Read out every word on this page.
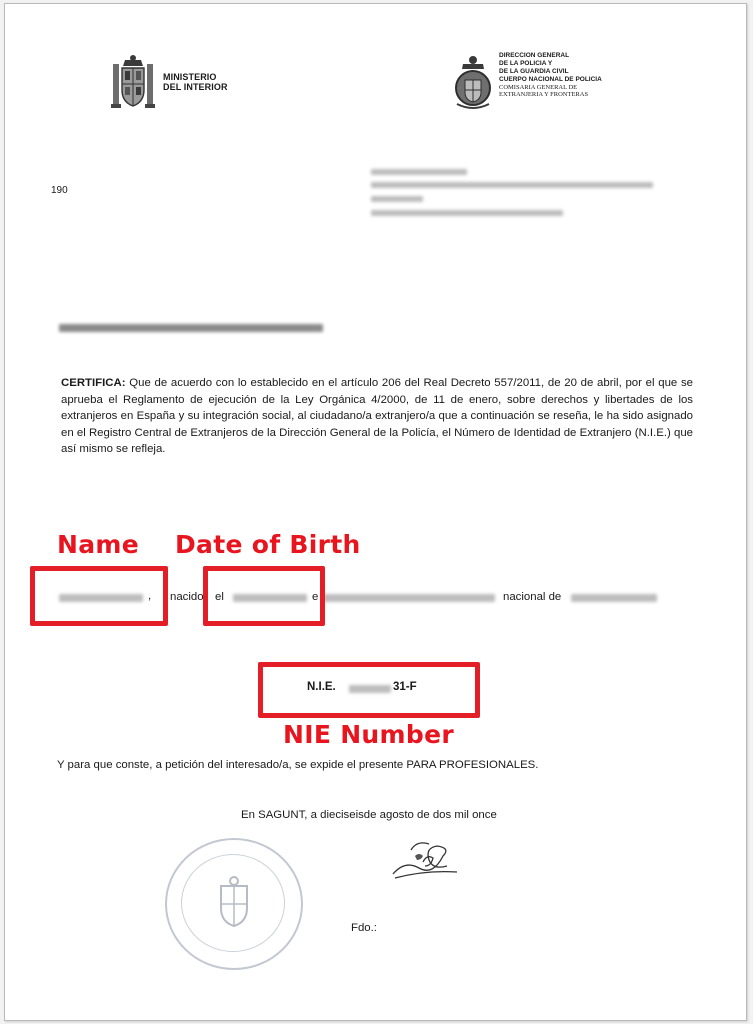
MINISTERIO
DEL INTERIOR
DIRECCION GENERAL
DE LA POLICIA Y
DE LA GUARDIA CIVIL
CUERPO NACIONAL DE POLICIA
COMISARIA GENERAL DE
EXTRANJERIA Y FRONTERAS
190
CERTIFICA: Que de acuerdo con lo establecido en el artículo 206 del Real Decreto 557/2011, de 20 de abril, por el que se aprueba el Reglamento de ejecución de la Ley Orgánica 4/2000, de 11 de enero, sobre derechos y libertades de los extranjeros en España y su integración social, al ciudadano/a extranjero/a que a continuación se reseña, le ha sido asignado en el Registro Central de Extranjeros de la Dirección General de la Policía, el Número de Identidad de Extranjero (N.I.E.) que así mismo se refleja.
Name Date of Birth
, nacido el	e	nacional de
N.I.E.	31-F
NIE Number
Y para que conste, a petición del interesado/a, se expide el presente PARA PROFESIONALES.
En SAGUNT, a dieciseisde agosto de dos mil once
Fdo.:
